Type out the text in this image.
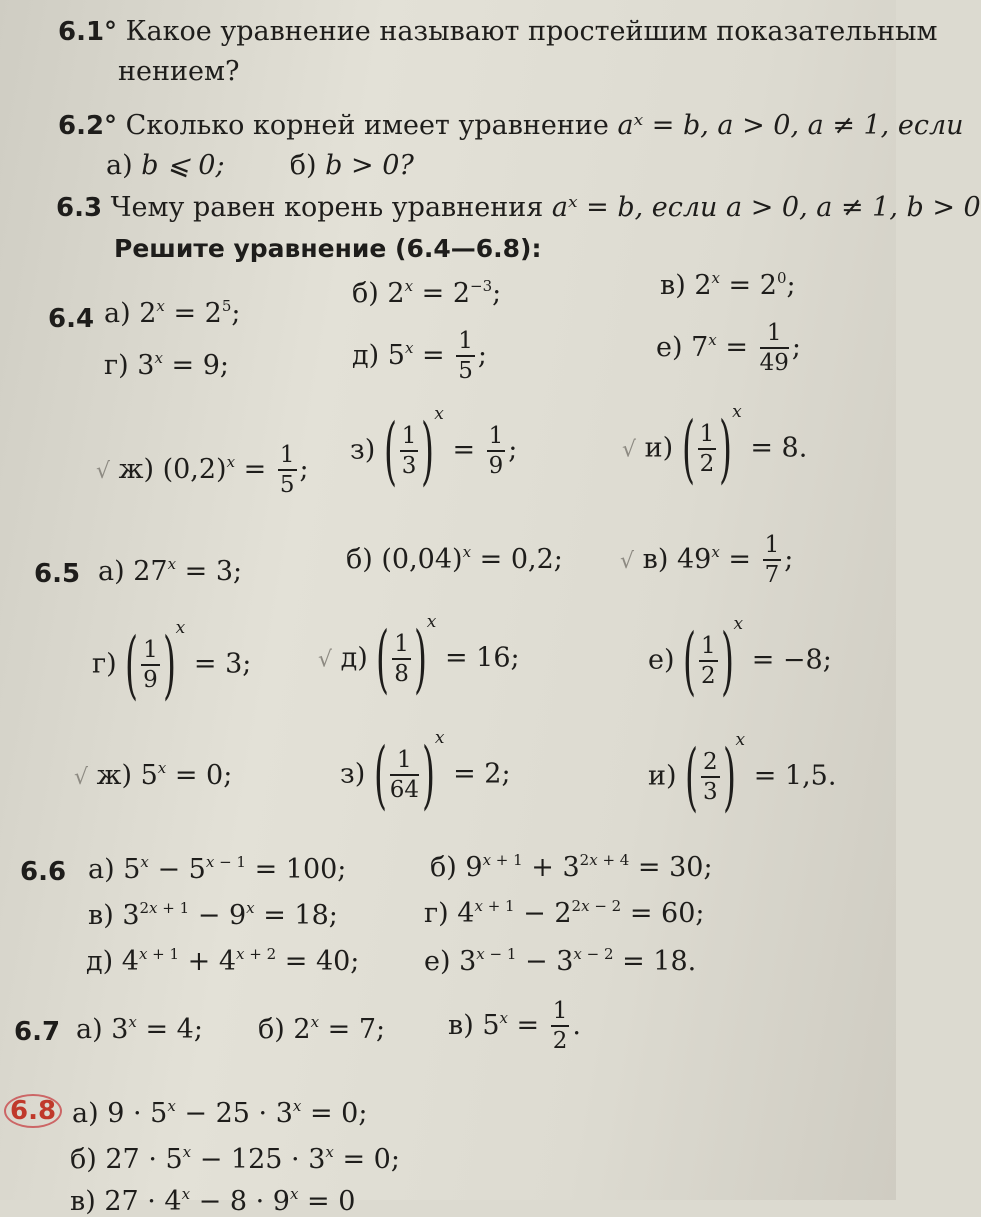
6.1° Какое уравнение называют простейшим показательным
нением?
6.2° Сколько корней имеет уравнение aˣ = b, a > 0, a ≠ 1, если
а) b ⩽ 0; б) b > 0?
6.3 Чему равен корень уравнения aˣ = b, если a > 0, a ≠ 1, b > 0
Решите уравнение (6.4—6.8):
6.4 а) $2^x = 2^5$;
б) $2^x = 2^{-3}$;	в) $2^x = 2^0$;
г) $3^x = 9$;	д) $5^x = \frac{1}{5}$ ;	е) $7^x = \frac{1}{49}$ ;
√ ж) $(0,2)^x = \frac{1}{5}$ ;
з) ( $\frac{1}{3} )x = \frac{1}{9}$ ;	√ и) ( $\frac{1}{2} )x = 8$.
6.5 а) $27^x = 3$;	б) $(0,04)^x = 0,2$;	√ в) $49^x = \frac{1}{7}$ ;
г) ( $\frac{1}{9} )x = 3$;	√ д) ( $\frac{1}{8} )x = 16$;	е) ( $\frac{1}{2} )x = -8$;
√ ж) $5^x = 0$;	з) ( $\frac{1}{64} )x = 2$;	и) ( $\frac{2}{3} )x = 1,5$.
6.6 а) $5^x - 5^{x - 1} = 100$;	б) $9^{x + 1} + 3^{2x + 4} = 30$;
в) $3^{2x + 1} - 9^x = 18$;	г) $4^{x + 1} - 2^{2x - 2} = 60$;
д) $4^{x + 1} + 4^{x + 2} = 40$; е) $3^{x - 1} - 3^{x - 2} = 18$.
6.7 а) $3^x = 4$; б) $2^x = 7$; в) $5^x = \frac{1}{2}$ .
6.8 а) $9 \cdot 5^x - 25 \cdot 3^x = 0$;
б) $27 \cdot 5^x - 125 \cdot 3^x = 0$;
в) $27 \cdot 4^x - 8 \cdot 9^x = 0$
